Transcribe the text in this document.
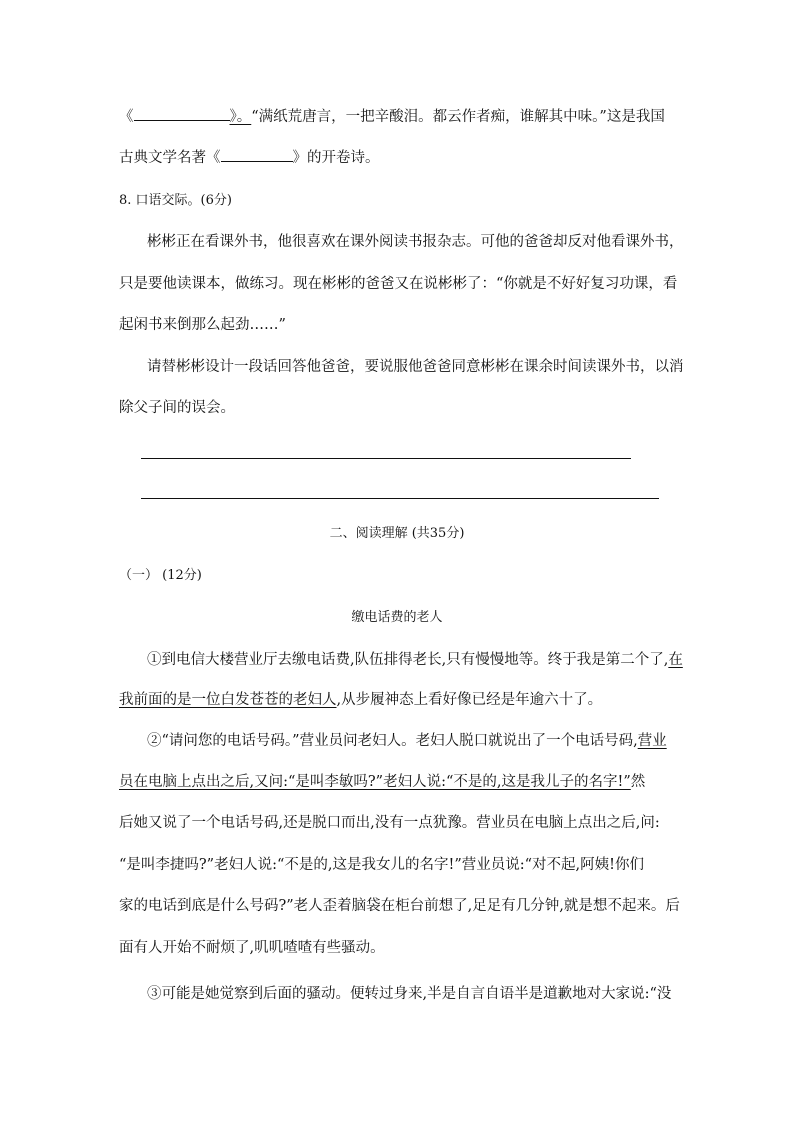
《	》。“满纸荒唐言，一把辛酸泪。都云作者痴，谁解其中味。”这是我国
古典文学名著《	》的开卷诗。
8. 口语交际。(6分)
彬彬正在看课外书，他很喜欢在课外阅读书报杂志。可他的爸爸却反对他看课外书，
只是要他读课本，做练习。现在彬彬的爸爸又在说彬彬了：“你就是不好好复习功课，看
起闲书来倒那么起劲……”
请替彬彬设计一段话回答他爸爸，要说服他爸爸同意彬彬在课余时间读课外书，以消
除父子间的误会。
二、阅读理解 (共35分)
（一） (12分)
缴电话费的老人
①到电信大楼营业厅去缴电话费,队伍排得老长,只有慢慢地等。终于我是第二个了,在
我前面的是一位白发苍苍的老妇人,从步履神态上看好像已经是年逾六十了。
②“请问您的电话号码。”营业员问老妇人。老妇人脱口就说出了一个电话号码,营业
员在电脑上点出之后,又问:“是叫李敏吗?”老妇人说:“不是的,这是我儿子的名字!”然
后她又说了一个电话号码,还是脱口而出,没有一点犹豫。营业员在电脑上点出之后,问:
“是叫李捷吗?”老妇人说:“不是的,这是我女儿的名字!”营业员说:“对不起,阿姨!你们
家的电话到底是什么号码?”老人歪着脑袋在柜台前想了,足足有几分钟,就是想不起来。后
面有人开始不耐烦了,叽叽喳喳有些骚动。
③可能是她觉察到后面的骚动。便转过身来,半是自言自语半是道歉地对大家说:“没
